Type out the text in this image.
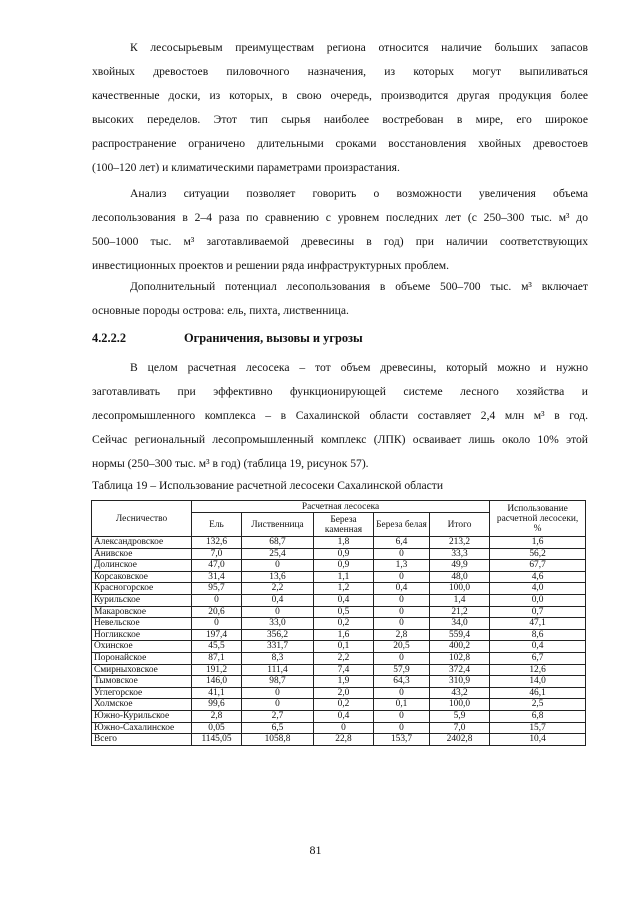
К лесосырьевым преимуществам региона относится наличие больших запасов
хвойных древостоев пиловочного назначения, из которых могут выпиливаться
качественные доски, из которых, в свою очередь, производится другая продукция более
высоких переделов. Этот тип сырья наиболее востребован в мире, его широкое
распространение ограничено длительными сроками восстановления хвойных древостоев
(100–120 лет) и климатическими параметрами произрастания.
Анализ ситуации позволяет говорить о возможности увеличения объема
лесопользования в 2–4 раза по сравнению с уровнем последних лет (с 250–300 тыс. м³ до
500–1000 тыс. м³ заготавливаемой древесины в год) при наличии соответствующих
инвестиционных проектов и решении ряда инфраструктурных проблем.
Дополнительный потенциал лесопользования в объеме 500–700 тыс. м³ включает
основные породы острова: ель, пихта, лиственница.
4.2.2.2	Ограничения, вызовы и угрозы
В целом расчетная лесосека – тот объем древесины, который можно и нужно
заготавливать при эффективно функционирующей системе лесного хозяйства и
лесопромышленного комплекса – в Сахалинской области составляет 2,4 млн м³ в год.
Сейчас региональный лесопромышленный комплекс (ЛПК) осваивает лишь около 10% этой
нормы (250–300 тыс. м³ в год) (таблица 19, рисунок 57).
Таблица 19 – Использование расчетной лесосеки Сахалинской области
Лесничество	Расчетная лесосека					Использование расчетной лесосеки, %
	Ель	Лиственница	Береза каменная	Береза белая	Итого	
Александровское	132,6	68,7	1,8	6,4	213,2	1,6
Анивское	7,0	25,4	0,9	0	33,3	56,2
Долинское	47,0	0	0,9	1,3	49,9	67,7
Корсаковское	31,4	13,6	1,1	0	48,0	4,6
Красногорское	95,7	2,2	1,2	0,4	100,0	4,0
Курильское	0	0,4	0,4	0	1,4	0,0
Макаровское	20,6	0	0,5	0	21,2	0,7
Невельское	0	33,0	0,2	0	34,0	47,1
Ногликское	197,4	356,2	1,6	2,8	559,4	8,6
Охинское	45,5	331,7	0,1	20,5	400,2	0,4
Поронайское	87,1	8,3	2,2	0	102,8	6,7
Смирныховское	191,2	111,4	7,4	57,9	372,4	12,6
Тымовское	146,0	98,7	1,9	64,3	310,9	14,0
Углегорское	41,1	0	2,0	0	43,2	46,1
Холмское	99,6	0	0,2	0,1	100,0	2,5
Южно-Курильское	2,8	2,7	0,4	0	5,9	6,8
Южно-Сахалинское	0,05	6,5	0	0	7,0	15,7
Всего	1145,05	1058,8	22,8	153,7	2402,8	10,4
81
